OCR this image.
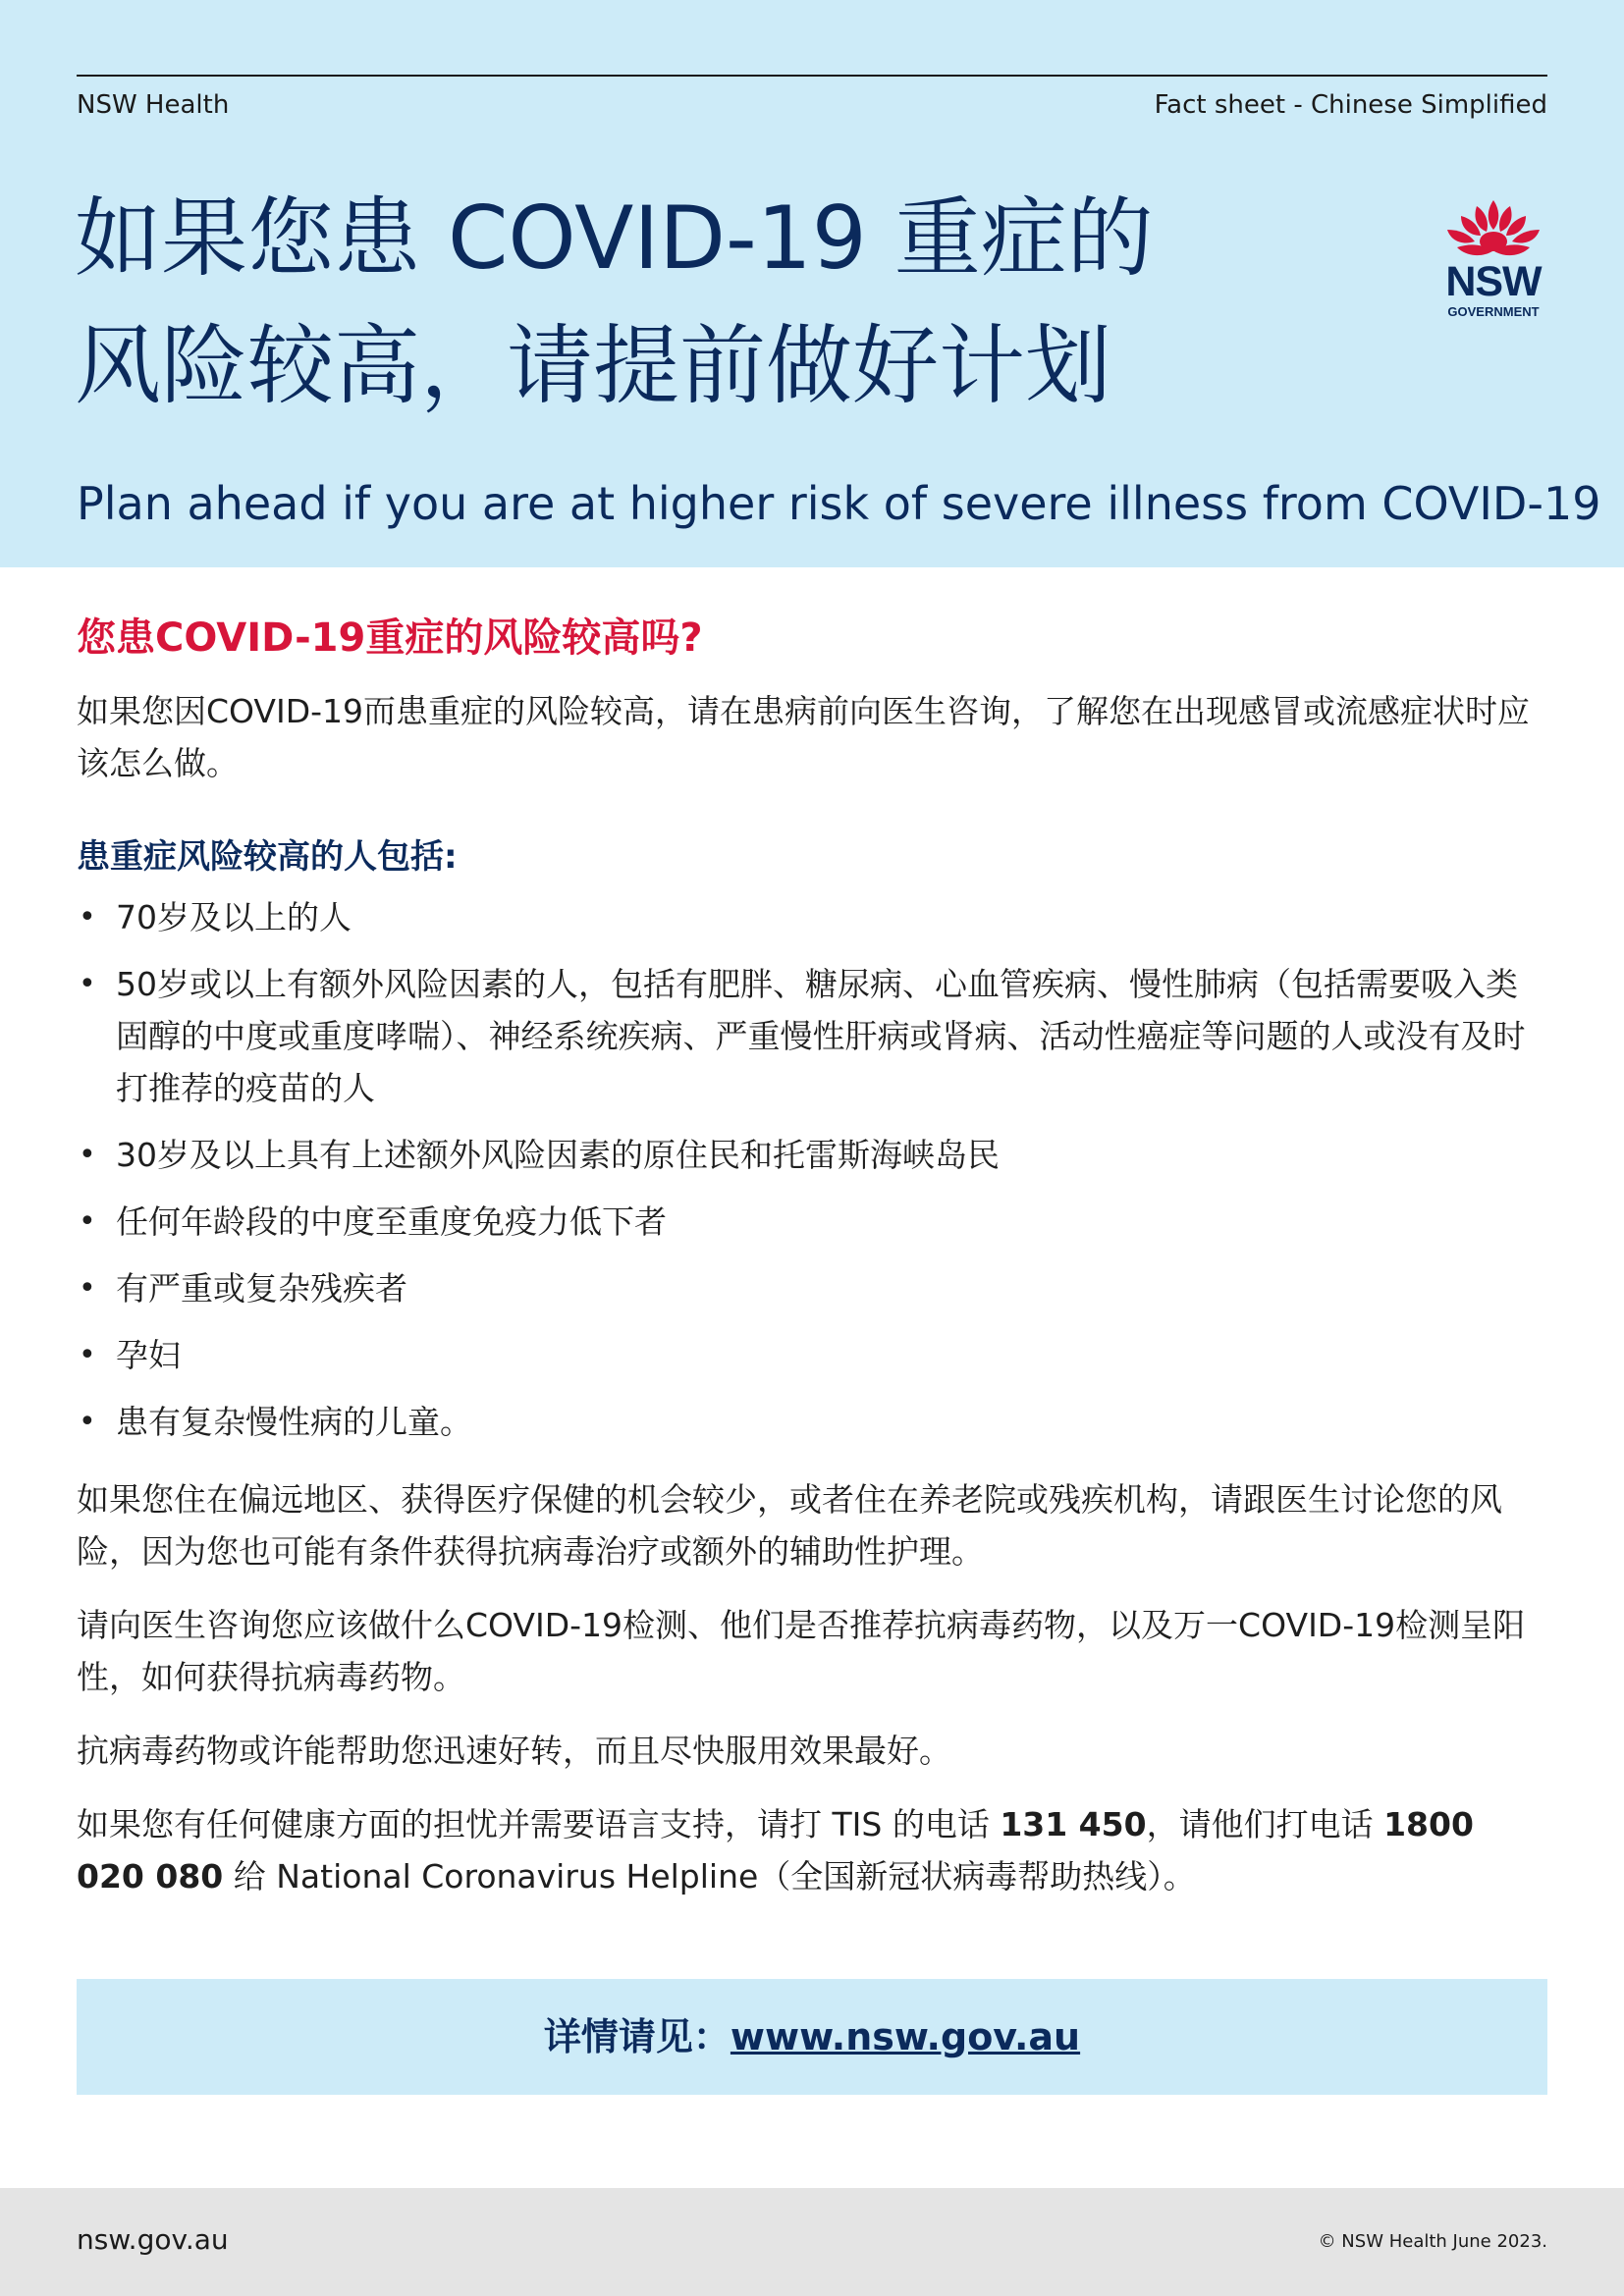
NSW Health	Fact sheet - Chinese Simplified
如果您患 COVID-19 重症的
风险较高，请提前做好计划
Plan ahead if you are at higher risk of severe illness from COVID-19
NSW
GOVERNMENT
您患COVID-19重症的风险较高吗?

如果您因COVID-19而患重症的风险较高，请在患病前向医生咨询，了解您在出现感冒或流感症状时应该怎么做。

患重症风险较高的人包括:
• 70岁及以上的人
• 50岁或以上有额外风险因素的人，包括有肥胖、糖尿病、心血管疾病、慢性肺病（包括需要吸入类固醇的中度或重度哮喘）、神经系统疾病、严重慢性肝病或肾病、活动性癌症等问题的人或没有及时打推荐的疫苗的人
• 30岁及以上具有上述额外风险因素的原住民和托雷斯海峡岛民
• 任何年龄段的中度至重度免疫力低下者
• 有严重或复杂残疾者
• 孕妇
• 患有复杂慢性病的儿童。

如果您住在偏远地区、获得医疗保健的机会较少，或者住在养老院或残疾机构，请跟医生讨论您的风险，因为您也可能有条件获得抗病毒治疗或额外的辅助性护理。

请向医生咨询您应该做什么COVID-19检测、他们是否推荐抗病毒药物，以及万一COVID-19检测呈阳性，如何获得抗病毒药物。

抗病毒药物或许能帮助您迅速好转，而且尽快服用效果最好。

如果您有任何健康方面的担忧并需要语言支持，请打 TIS 的电话 131 450，请他们打电话 1800 020 080 给 National Coronavirus Helpline（全国新冠状病毒帮助热线）。

详情请见：www.nsw.gov.au
nsw.gov.au	© NSW Health June 2023.
